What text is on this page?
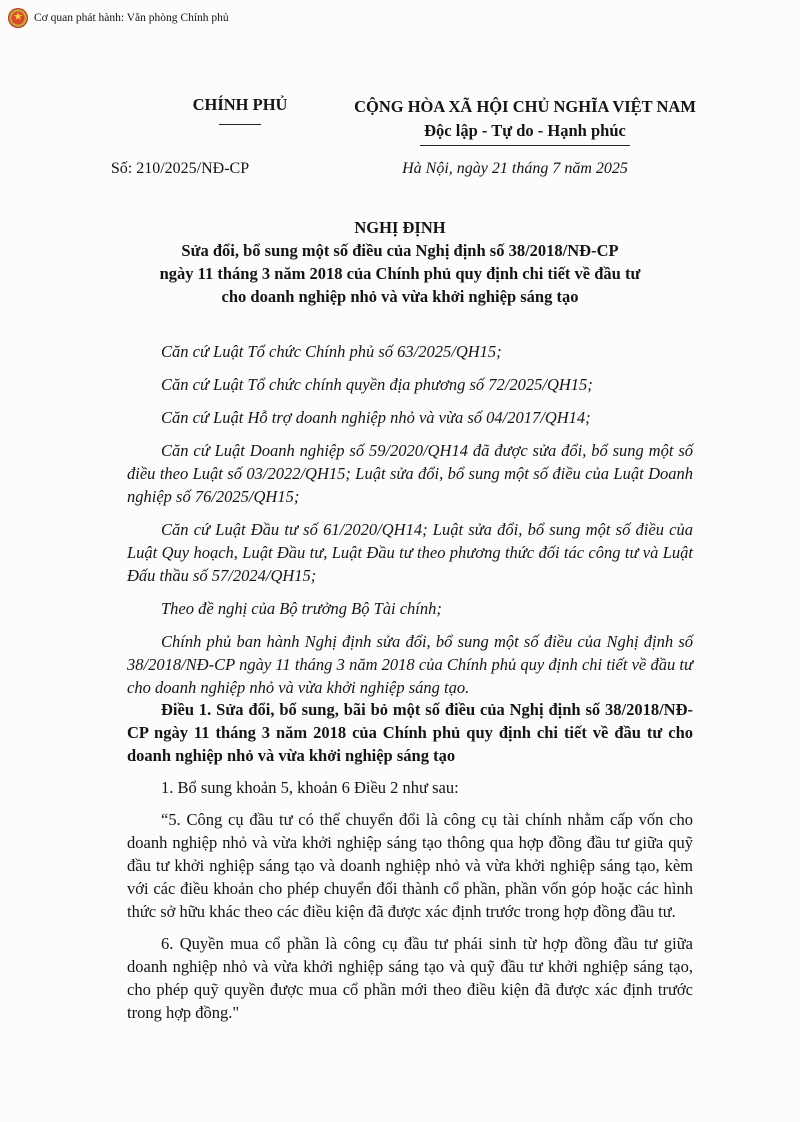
★
Cơ quan phát hành: Văn phòng Chính phủ
CHÍNH PHỦ	CỘNG HÒA XÃ HỘI CHỦ NGHĨA VIỆT NAM
Độc lập - Tự do - Hạnh phúc
Số: 210/2025/NĐ-CP	Hà Nội, ngày 21 tháng 7 năm 2025
NGHỊ ĐỊNH
Sửa đổi, bổ sung một số điều của Nghị định số 38/2018/NĐ-CP
ngày 11 tháng 3 năm 2018 của Chính phủ quy định chi tiết về đầu tư
cho doanh nghiệp nhỏ và vừa khởi nghiệp sáng tạo

Căn cứ Luật Tổ chức Chính phủ số 63/2025/QH15;

Căn cứ Luật Tổ chức chính quyền địa phương số 72/2025/QH15;

Căn cứ Luật Hỗ trợ doanh nghiệp nhỏ và vừa số 04/2017/QH14;

Căn cứ Luật Doanh nghiệp số 59/2020/QH14 đã được sửa đổi, bổ sung một số điều theo Luật số 03/2022/QH15; Luật sửa đổi, bổ sung một số điều của Luật Doanh nghiệp số 76/2025/QH15;

Căn cứ Luật Đầu tư số 61/2020/QH14; Luật sửa đổi, bổ sung một số điều của Luật Quy hoạch, Luật Đầu tư, Luật Đầu tư theo phương thức đối tác công tư và Luật Đấu thầu số 57/2024/QH15;

Theo đề nghị của Bộ trưởng Bộ Tài chính;

Chính phủ ban hành Nghị định sửa đổi, bổ sung một số điều của Nghị định số 38/2018/NĐ-CP ngày 11 tháng 3 năm 2018 của Chính phủ quy định chi tiết về đầu tư cho doanh nghiệp nhỏ và vừa khởi nghiệp sáng tạo.

Điều 1. Sửa đổi, bổ sung, bãi bỏ một số điều của Nghị định số 38/2018/NĐ-CP ngày 11 tháng 3 năm 2018 của Chính phủ quy định chi tiết về đầu tư cho doanh nghiệp nhỏ và vừa khởi nghiệp sáng tạo

1. Bổ sung khoản 5, khoản 6 Điều 2 như sau:

“5. Công cụ đầu tư có thể chuyển đổi là công cụ tài chính nhằm cấp vốn cho doanh nghiệp nhỏ và vừa khởi nghiệp sáng tạo thông qua hợp đồng đầu tư giữa quỹ đầu tư khởi nghiệp sáng tạo và doanh nghiệp nhỏ và vừa khởi nghiệp sáng tạo, kèm với các điều khoản cho phép chuyển đổi thành cổ phần, phần vốn góp hoặc các hình thức sở hữu khác theo các điều kiện đã được xác định trước trong hợp đồng đầu tư.

6. Quyền mua cổ phần là công cụ đầu tư phái sinh từ hợp đồng đầu tư giữa doanh nghiệp nhỏ và vừa khởi nghiệp sáng tạo và quỹ đầu tư khởi nghiệp sáng tạo, cho phép quỹ quyền được mua cổ phần mới theo điều kiện đã được xác định trước trong hợp đồng."
